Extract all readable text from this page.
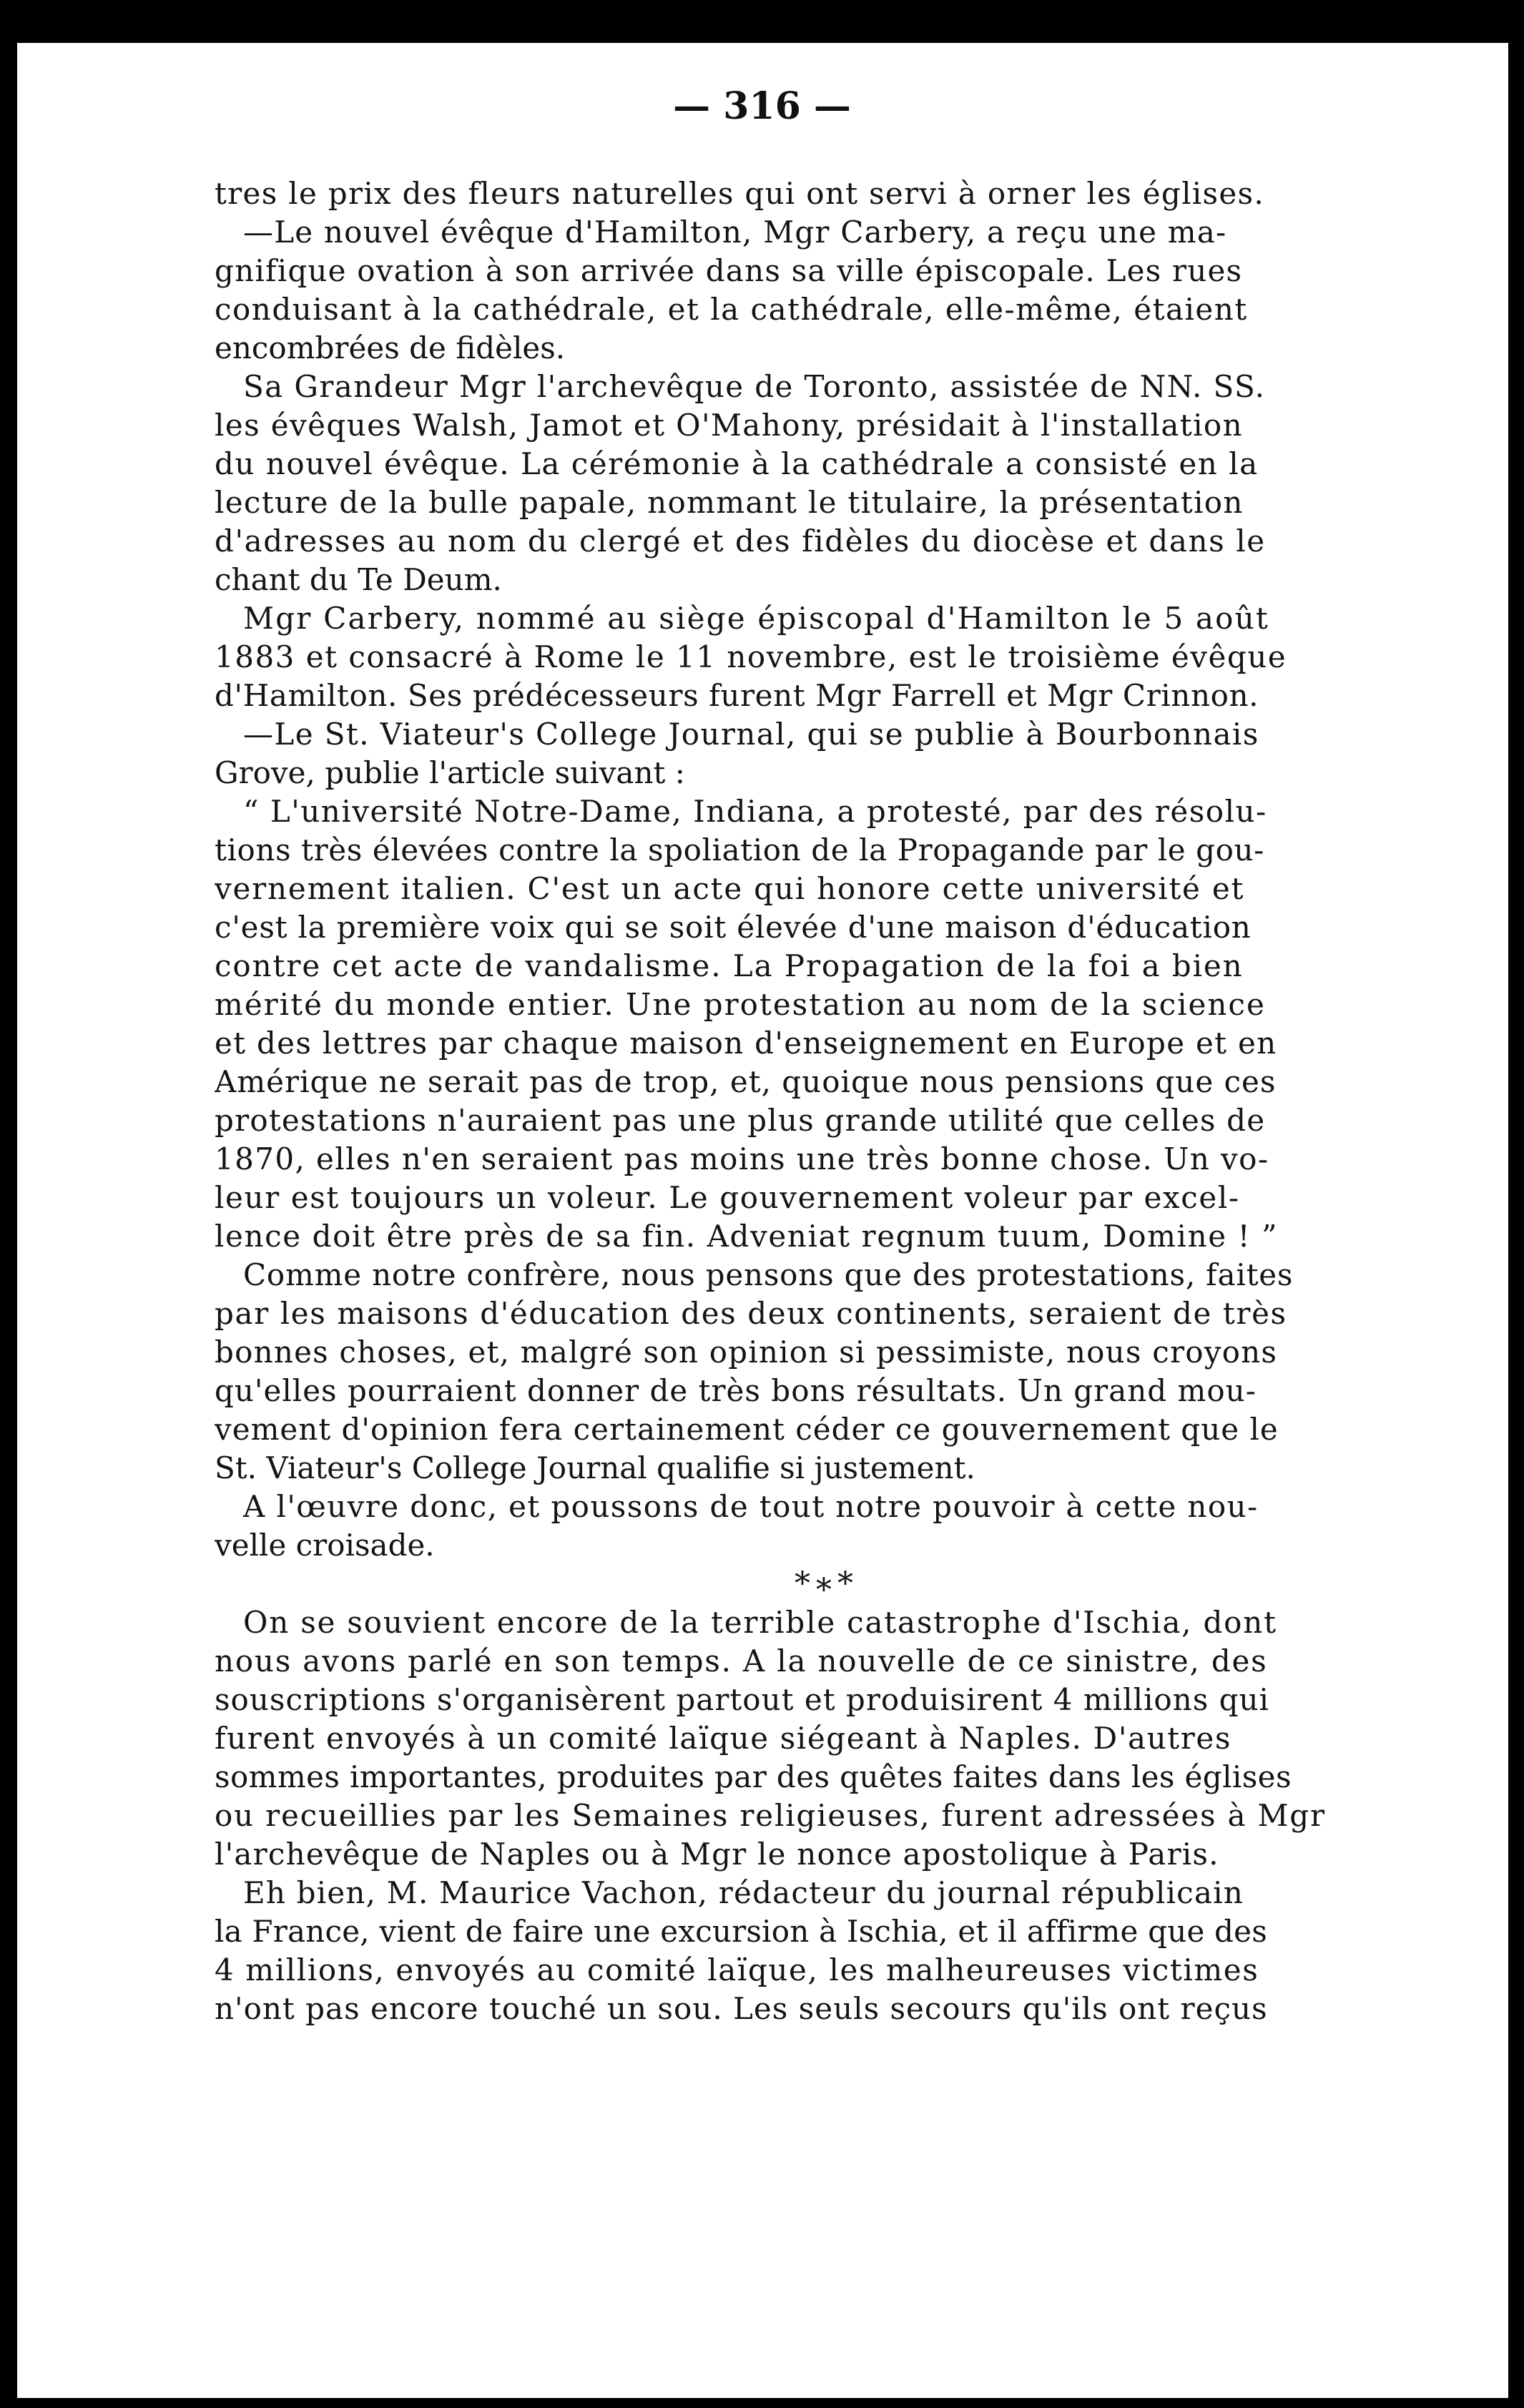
— 316 —
tres le prix des fleurs naturelles qui ont servi à orner les églises.
—Le nouvel évêque d'Hamilton, Mgr Carbery, a reçu une ma-
gnifique ovation à son arrivée dans sa ville épiscopale. Les rues
conduisant à la cathédrale, et la cathédrale, elle-même, étaient
encombrées de fidèles.
Sa Grandeur Mgr l'archevêque de Toronto, assistée de NN. SS.
les évêques Walsh, Jamot et O'Mahony, présidait à l'installation
du nouvel évêque. La cérémonie à la cathédrale a consisté en la
lecture de la bulle papale, nommant le titulaire, la présentation
d'adresses au nom du clergé et des fidèles du diocèse et dans le
chant du Te Deum.
Mgr Carbery, nommé au siège épiscopal d'Hamilton le 5 août
1883 et consacré à Rome le 11 novembre, est le troisième évêque
d'Hamilton. Ses prédécesseurs furent Mgr Farrell et Mgr Crinnon.
—Le St. Viateur's College Journal, qui se publie à Bourbonnais
Grove, publie l'article suivant :
“ L'université Notre-Dame, Indiana, a protesté, par des résolu-
tions très élevées contre la spoliation de la Propagande par le gou-
vernement italien. C'est un acte qui honore cette université et
c'est la première voix qui se soit élevée d'une maison d'éducation
contre cet acte de vandalisme. La Propagation de la foi a bien
mérité du monde entier. Une protestation au nom de la science
et des lettres par chaque maison d'enseignement en Europe et en
Amérique ne serait pas de trop, et, quoique nous pensions que ces
protestations n'auraient pas une plus grande utilité que celles de
1870, elles n'en seraient pas moins une très bonne chose. Un vo-
leur est toujours un voleur. Le gouvernement voleur par excel-
lence doit être près de sa fin. Adveniat regnum tuum, Domine ! ”
Comme notre confrère, nous pensons que des protestations, faites
par les maisons d'éducation des deux continents, seraient de très
bonnes choses, et, malgré son opinion si pessimiste, nous croyons
qu'elles pourraient donner de très bons résultats. Un grand mou-
vement d'opinion fera certainement céder ce gouvernement que le
St. Viateur's College Journal qualifie si justement.
A l'œuvre donc, et poussons de tout notre pouvoir à cette nou-
velle croisade.
*∗*
On se souvient encore de la terrible catastrophe d'Ischia, dont
nous avons parlé en son temps. A la nouvelle de ce sinistre, des
souscriptions s'organisèrent partout et produisirent 4 millions qui
furent envoyés à un comité laïque siégeant à Naples. D'autres
sommes importantes, produites par des quêtes faites dans les églises
ou recueillies par les Semaines religieuses, furent adressées à Mgr
l'archevêque de Naples ou à Mgr le nonce apostolique à Paris.
Eh bien, M. Maurice Vachon, rédacteur du journal républicain
la France, vient de faire une excursion à Ischia, et il affirme que des
4 millions, envoyés au comité laïque, les malheureuses victimes
n'ont pas encore touché un sou. Les seuls secours qu'ils ont reçus
